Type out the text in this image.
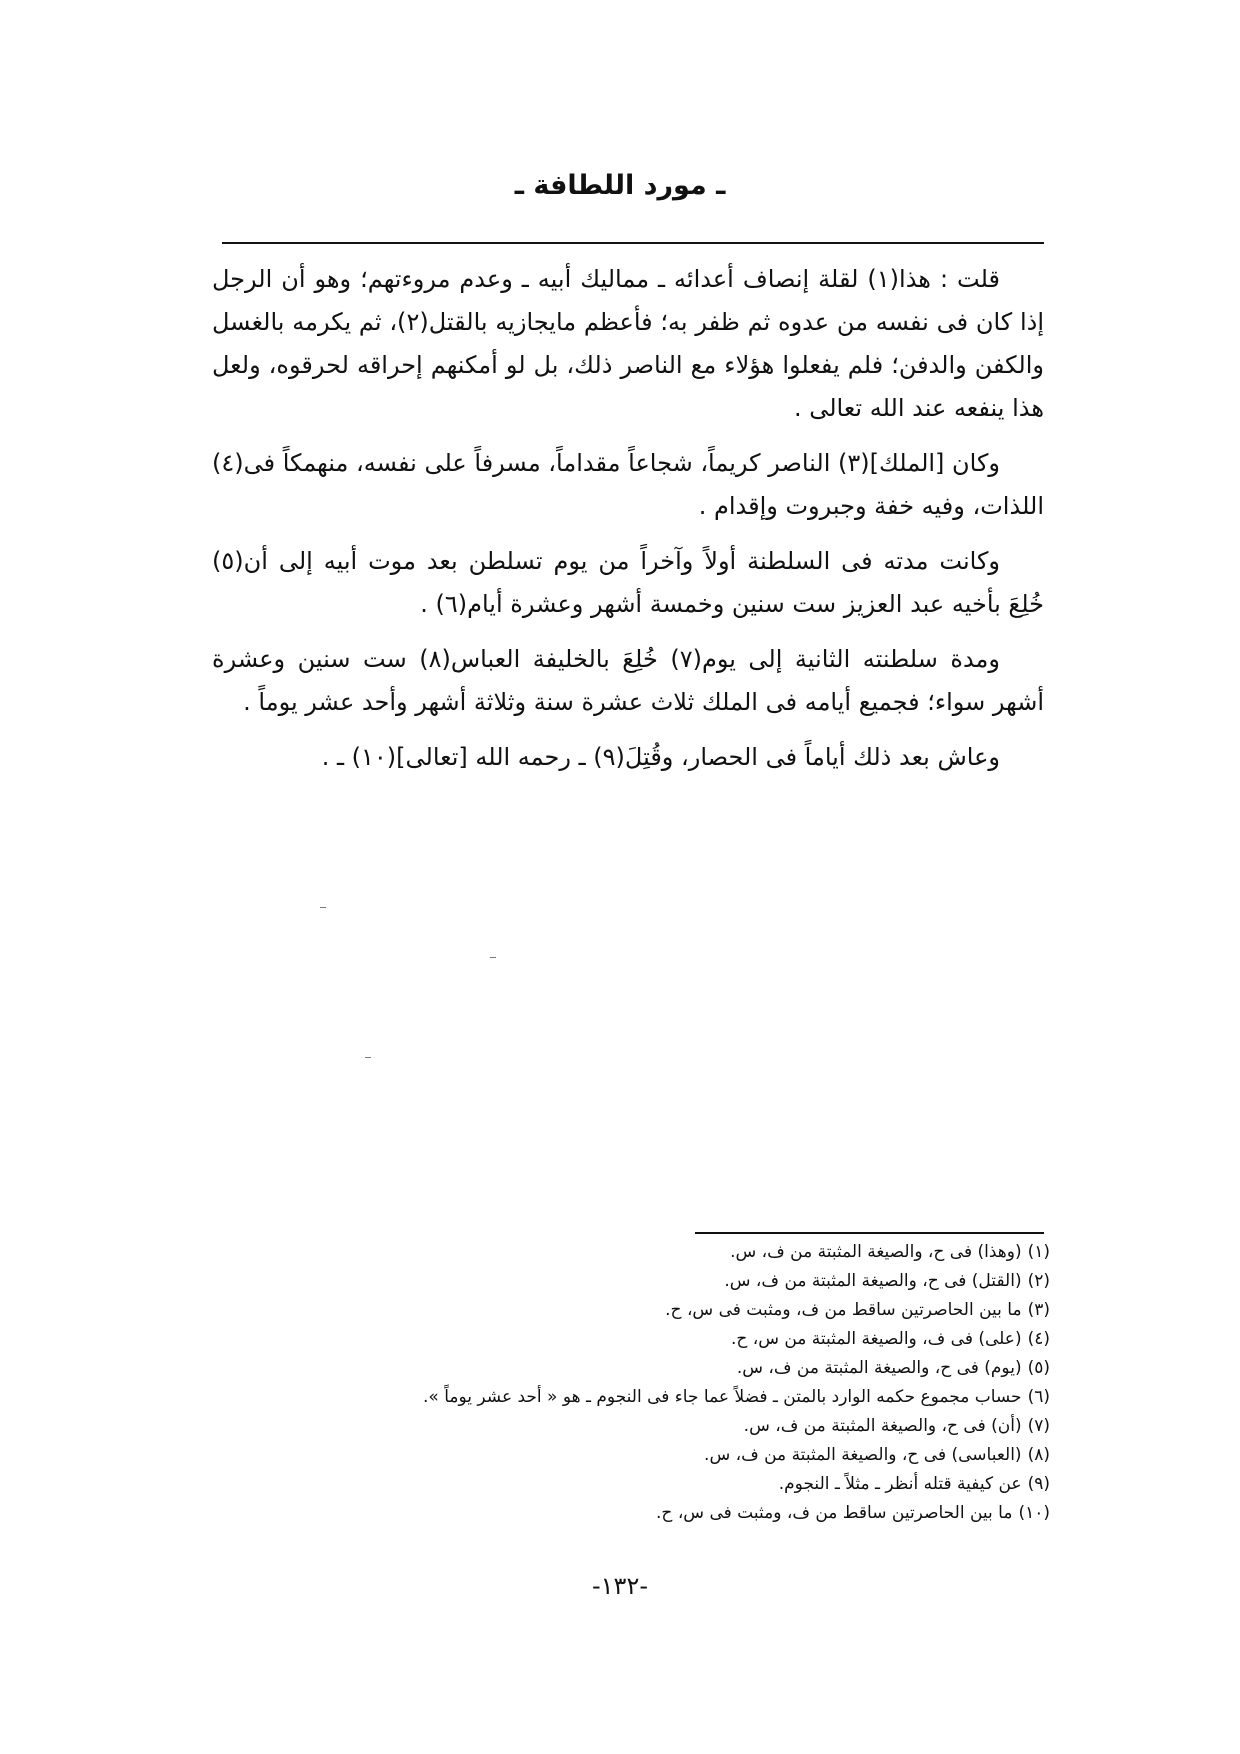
ـ مورد اللطافة ـ

قلت : هذا(١) لقلة إنصاف أعدائه ـ مماليك أبيه ـ وعدم مروءتهم؛ وهو أن الرجل إذا كان فى نفسه من عدوه ثم ظفر به؛ فأعظم مايجازيه بالقتل(٢)، ثم يكرمه بالغسل والكفن والدفن؛ فلم يفعلوا هؤلاء مع الناصر ذلك، بل لو أمكنهم إحراقه لحرقوه، ولعل هذا ينفعه عند الله تعالى .

وكان [الملك](٣) الناصر كريماً، شجاعاً مقداماً، مسرفاً على نفسه، منهمكاً فى(٤) اللذات، وفيه خفة وجبروت وإقدام .

وكانت مدته فى السلطنة أولاً وآخراً من يوم تسلطن بعد موت أبيه إلى أن(٥) خُلِعَ بأخيه عبد العزيز ست سنين وخمسة أشهر وعشرة أيام(٦) .

ومدة سلطنته الثانية إلى يوم(٧) خُلِعَ بالخليفة العباس(٨) ست سنين وعشرة أشهر سواء؛ فجميع أيامه فى الملك ثلاث عشرة سنة وثلاثة أشهر وأحد عشر يوماً .

وعاش بعد ذلك أياماً فى الحصار، وقُتِلَ(٩) ـ رحمه الله [تعالى](١٠) ـ .

(١)(وهذا) فى ح، والصيغة المثبتة من ف، س.
(٢)(القتل) فى ح، والصيغة المثبتة من ف، س.
(٣)ما بين الحاصرتين ساقط من ف، ومثبت فى س، ح.
(٤)(على) فى ف، والصيغة المثبتة من س، ح.
(٥)(يوم) فى ح، والصيغة المثبتة من ف، س.
(٦)حساب مجموع حكمه الوارد بالمتن ـ فضلاً عما جاء فى النجوم ـ هو « أحد عشر يوماً ».
(٧)(أن) فى ح، والصيغة المثبتة من ف، س.
(٨)(العباسى) فى ح، والصيغة المثبتة من ف، س.
(٩)عن كيفية قتله أنظر ـ مثلاً ـ النجوم.
(١٠)ما بين الحاصرتين ساقط من ف، ومثبت فى س، ح.
-١٣٢-
